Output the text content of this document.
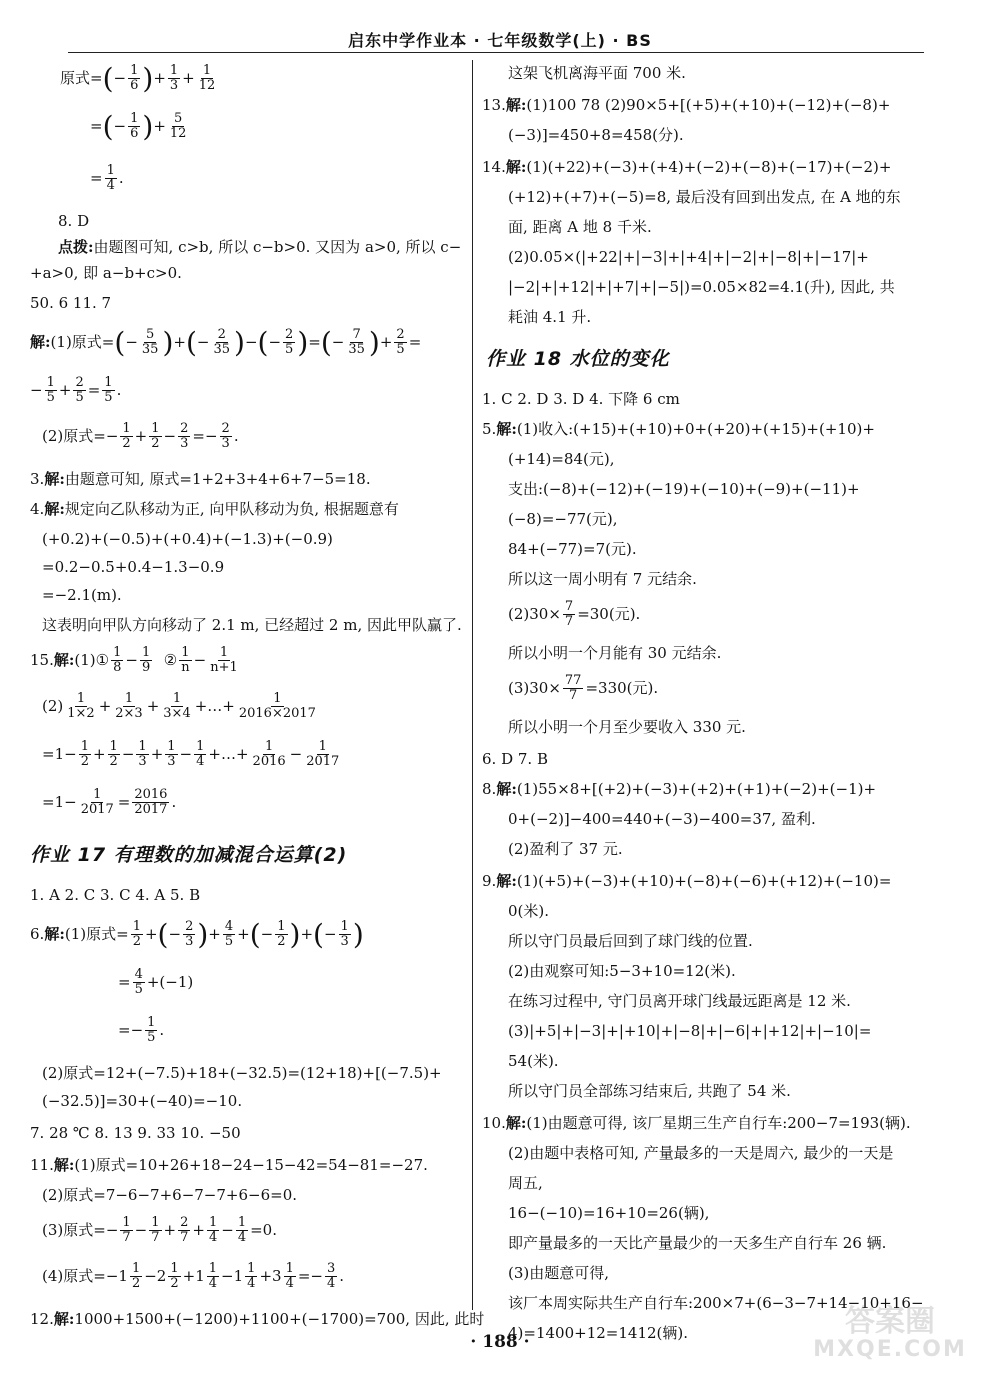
启东中学作业本 · 七年级数学(上) · BS
原式=(− $\frac{1}{6}$ )+ $\frac{1}{3} + \frac{1}{12}$
=(− $\frac{1}{6}$ )+ $\frac{5}{12}$
= $\frac{1}{4}$ .
8. D
点拨:由题图可知, c>b, 所以 c−b>0. 又因为 a>0, 所以 c−
+a>0, 即 a−b+c>0.
50. 6 11. 7
解:(1)原式=(− $\frac{5}{35}$ )+(− $\frac{2}{35}$ )−(− $\frac{2}{5}$ )=(− $\frac{7}{35}$ )+ $\frac{2}{5}$ =
− $\frac{1}{5} + \frac{2}{5} = \frac{1}{5}$ .
(2)原式=− $\frac{1}{2} + \frac{1}{2} - \frac{2}{3} =- \frac{2}{3}$ .
3.解:由题意可知, 原式=1+2+3+4+6+7−5=18.
4.解:规定向乙队移动为正, 向甲队移动为负, 根据题意有
(+0.2)+(−0.5)+(+0.4)+(−1.3)+(−0.9)
=0.2−0.5+0.4−1.3−0.9
=−2.1(m).
这表明向甲队方向移动了 2.1 m, 已经超过 2 m, 因此甲队赢了.
15.解:(1)① $\frac{1}{8} - \frac{1}{9}$ ② $\frac{1}{n} - \frac{1}{n+1}$
$(2) \frac{1}{1\times 2} + \frac{1}{2\times 3} + \frac{1}{3\times 4}$ +…+ $\frac{1}{2016\times 2017}$
$=1- \frac{1}{2} + \frac{1}{2} - \frac{1}{3} + \frac{1}{3} - \frac{1}{4}$ +…+ $\frac{1}{2016} - \frac{1}{2017}$
$=1- \frac{1}{2017} = \frac{2016}{2017}$ .
作业 17 有理数的加减混合运算(2)
1. A 2. C 3. C 4. A 5. B
6.解:(1)原式= $\frac{1}{2}$ +(− $\frac{2}{3}$ )+ $\frac{4}{5}$ +(− $\frac{1}{2}$ )+(− $\frac{1}{3}$ )
= $\frac{4}{5} +(-1)$
=− $\frac{1}{5}$ .
(2)原式=12+(−7.5)+18+(−32.5)=(12+18)+[(−7.5)+
(−32.5)]=30+(−40)=−10.
7. 28 ℃ 8. 13 9. 33 10. −50
11.解:(1)原式=10+26+18−24−15−42=54−81=−27.
(2)原式=7−6−7+6−7−7+6−6=0.
(3)原式=− $\frac{1}{7} - \frac{1}{7} + \frac{2}{7} + \frac{1}{4} - \frac{1}{4} =0$.
(4)原式$=-1 \frac{1}{2} -2 \frac{1}{2} +1 \frac{1}{4} -1 \frac{1}{4} +3 \frac{1}{4} =- \frac{3}{4}$ .
12.解:1000+1500+(−1200)+1100+(−1700)=700, 因此, 此时
这架飞机离海平面 700 米.
13.解:(1)100 78 (2)90×5+[(+5)+(+10)+(−12)+(−8)+
(−3)]=450+8=458(分).
14.解:(1)(+22)+(−3)+(+4)+(−2)+(−8)+(−17)+(−2)+
(+12)+(+7)+(−5)=8, 最后没有回到出发点, 在 A 地的东
面, 距离 A 地 8 千米.
(2)0.05×(|+22|+|−3|+|+4|+|−2|+|−8|+|−17|+
|−2|+|+12|+|+7|+|−5|)=0.05×82=4.1(升), 因此, 共
耗油 4.1 升.
作业 18 水位的变化
1. C 2. D 3. D 4. 下降 6 cm
5.解:(1)收入:(+15)+(+10)+0+(+20)+(+15)+(+10)+
(+14)=84(元),
支出:(−8)+(−12)+(−19)+(−10)+(−9)+(−11)+
(−8)=−77(元),
84+(−77)=7(元).
所以这一周小明有 7 元结余.
$(2)30\times \frac{7}{7} =30$(元).
所以小明一个月能有 30 元结余.
$(3)30\times \frac{77}{7} =330$(元).
所以小明一个月至少要收入 330 元.
6. D 7. B
8.解:(1)55×8+[(+2)+(−3)+(+2)+(+1)+(−2)+(−1)+
0+(−2)]−400=440+(−3)−400=37, 盈利.
(2)盈利了 37 元.
9.解:(1)(+5)+(−3)+(+10)+(−8)+(−6)+(+12)+(−10)=
0(米).
所以守门员最后回到了球门线的位置.
(2)由观察可知:5−3+10=12(米).
在练习过程中, 守门员离开球门线最远距离是 12 米.
(3)|+5|+|−3|+|+10|+|−8|+|−6|+|+12|+|−10|=
54(米).
所以守门员全部练习结束后, 共跑了 54 米.
10.解:(1)由题意可得, 该厂星期三生产自行车:200−7=193(辆).
(2)由题中表格可知, 产量最多的一天是周六, 最少的一天是
周五,
16−(−10)=16+10=26(辆),
即产量最多的一天比产量最少的一天多生产自行车 26 辆.
(3)由题意可得,
该厂本周实际共生产自行车:200×7+(6−3−7+14−10+16−
4)=1400+12=1412(辆).
· 188 ·
答案圈
MXQE.COM
